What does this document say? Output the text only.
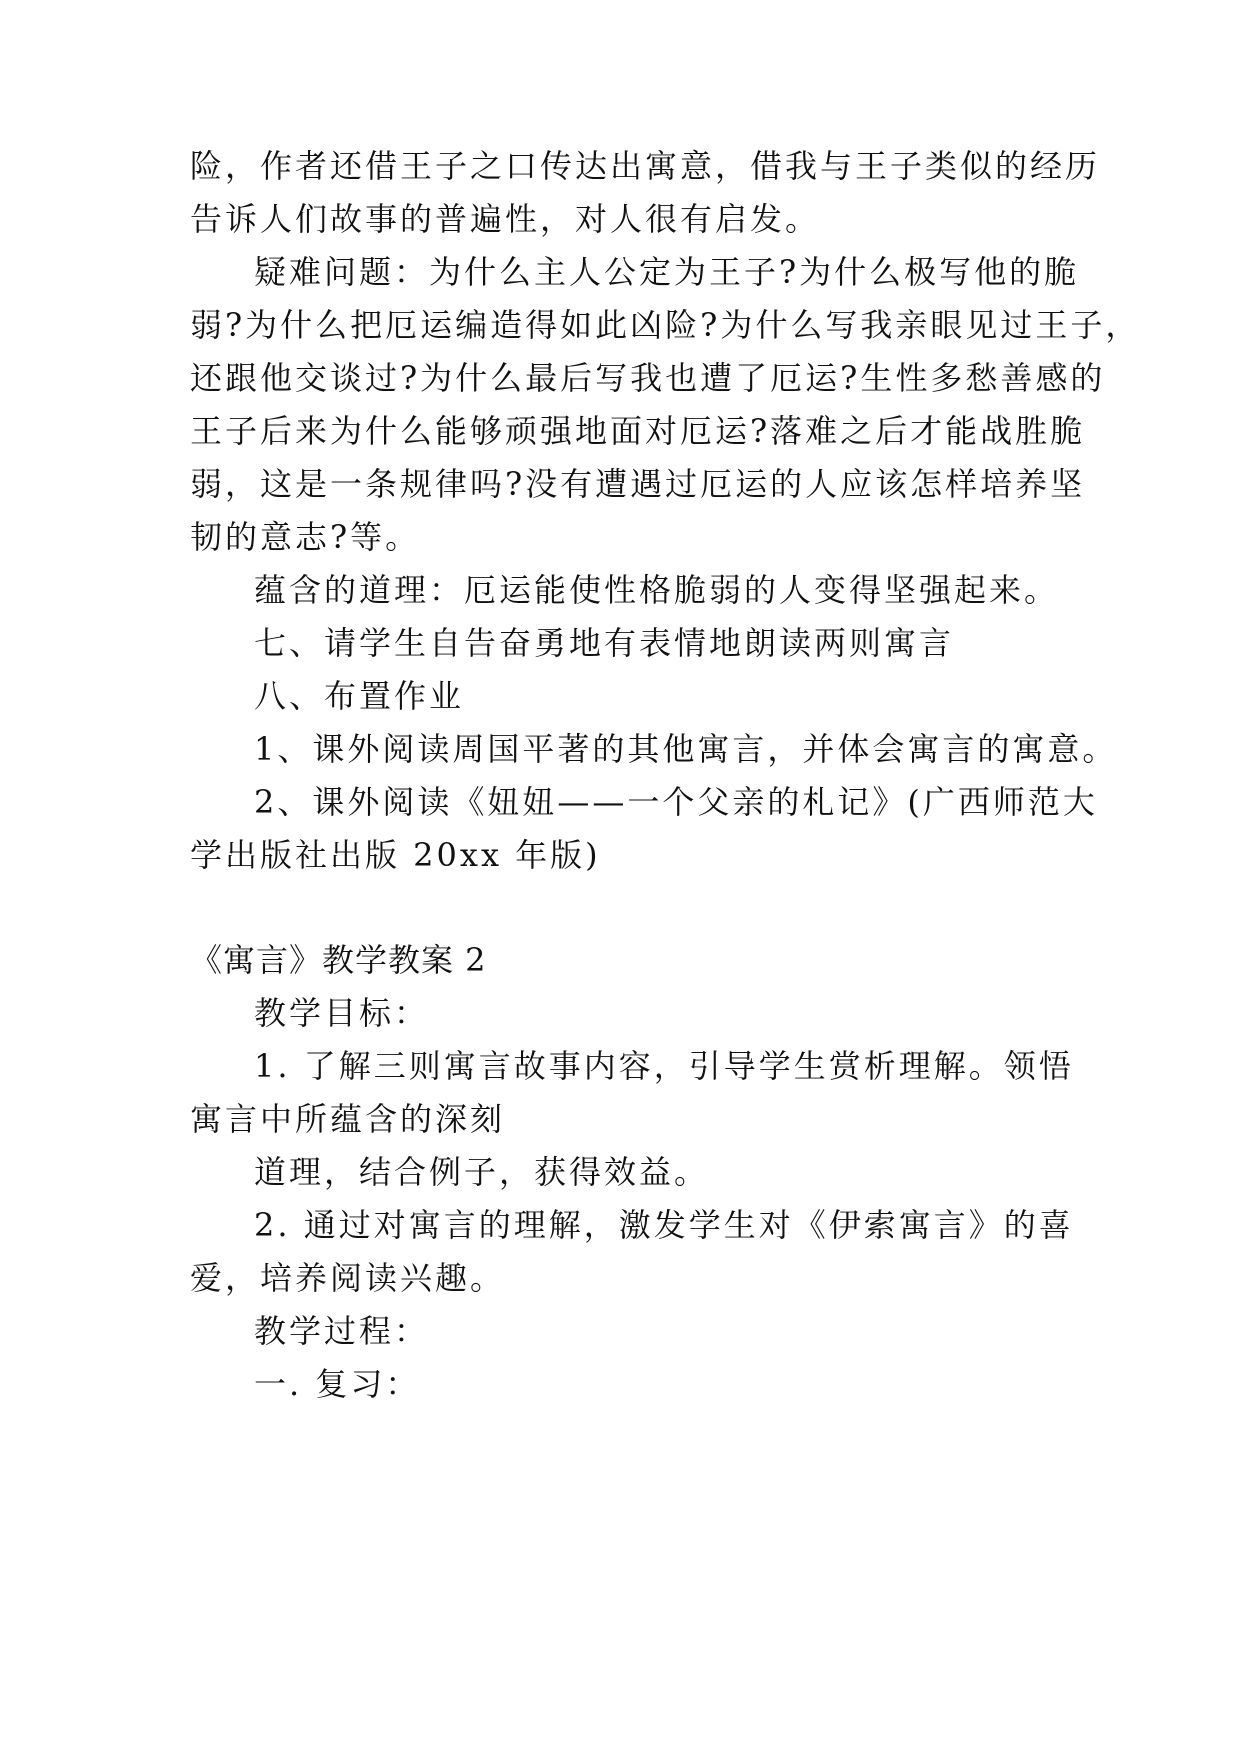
险，作者还借王子之口传达出寓意，借我与王子类似的经历
告诉人们故事的普遍性，对人很有启发。
疑难问题：为什么主人公定为王子?为什么极写他的脆
弱?为什么把厄运编造得如此凶险?为什么写我亲眼见过王子，
还跟他交谈过?为什么最后写我也遭了厄运?生性多愁善感的
王子后来为什么能够顽强地面对厄运?落难之后才能战胜脆
弱，这是一条规律吗?没有遭遇过厄运的人应该怎样培养坚
韧的意志?等。
蕴含的道理：厄运能使性格脆弱的人变得坚强起来。
七、请学生自告奋勇地有表情地朗读两则寓言
八、布置作业
1、课外阅读周国平著的其他寓言，并体会寓言的寓意。
2、课外阅读《妞妞——一个父亲的札记》(广西师范大
学出版社出版 20xx 年版)
《寓言》教学教案 2
教学目标：
1. 了解三则寓言故事内容，引导学生赏析理解。领悟
寓言中所蕴含的深刻
道理，结合例子，获得效益。
2. 通过对寓言的理解，激发学生对《伊索寓言》的喜
爱，培养阅读兴趣。
教学过程：
一. 复习：
